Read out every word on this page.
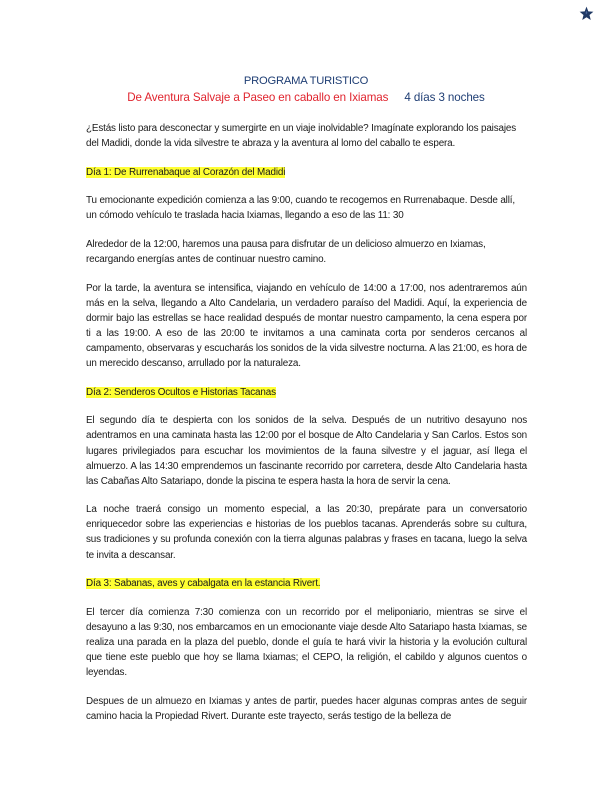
PROGRAMA TURISTICO
De Aventura Salvaje a Paseo en caballo en Ixiamas 4 días 3 noches

¿Estás listo para desconectar y sumergirte en un viaje inolvidable? Imagínate explorando los paisajes del Madidi, donde la vida silvestre te abraza y la aventura al lomo del caballo te espera.

Día 1: De Rurrenabaque al Corazón del Madidi

Tu emocionante expedición comienza a las 9:00, cuando te recogemos en Rurrenabaque. Desde allí, un cómodo vehículo te traslada hacia Ixiamas, llegando a eso de las 11: 30

Alrededor de la 12:00, haremos una pausa para disfrutar de un delicioso almuerzo en Ixiamas, recargando energías antes de continuar nuestro camino.

Por la tarde, la aventura se intensifica, viajando en vehículo de 14:00 a 17:00, nos adentraremos aún más en la selva, llegando a Alto Candelaria, un verdadero paraíso del Madidi. Aquí, la experiencia de dormir bajo las estrellas se hace realidad después de montar nuestro campamento, la cena espera por ti a las 19:00. A eso de las 20:00 te invitamos a una caminata corta por senderos cercanos al campamento, observaras y escucharás los sonidos de la vida silvestre nocturna. A las 21:00, es hora de un merecido descanso, arrullado por la naturaleza.

Día 2: Senderos Ocultos e Historias Tacanas

El segundo día te despierta con los sonidos de la selva. Después de un nutritivo desayuno nos adentramos en una caminata hasta las 12:00 por el bosque de Alto Candelaria y San Carlos. Estos son lugares privilegiados para escuchar los movimientos de la fauna silvestre y el jaguar, así llega el almuerzo. A las 14:30 emprendemos un fascinante recorrido por carretera, desde Alto Candelaria hasta las Cabañas Alto Satariapo, donde la piscina te espera hasta la hora de servir la cena.

La noche traerá consigo un momento especial, a las 20:30, prepárate para un conversatorio enriquecedor sobre las experiencias e historias de los pueblos tacanas. Aprenderás sobre su cultura, sus tradiciones y su profunda conexión con la tierra algunas palabras y frases en tacana, luego la selva te invita a descansar.

Día 3: Sabanas, aves y cabalgata en la estancia Rivert.

El tercer día comienza 7:30 comienza con un recorrido por el meliponiario, mientras se sirve el desayuno a las 9:30, nos embarcamos en un emocionante viaje desde Alto Satariapo hasta Ixiamas, se realiza una parada en la plaza del pueblo, donde el guía te hará vivir la historia y la evolución cultural que tiene este pueblo que hoy se llama Ixiamas; el CEPO, la religión, el cabildo y algunos cuentos o leyendas.

Despues de un almuezo en Ixiamas y antes de partir, puedes hacer algunas compras antes de seguir camino hacia la Propiedad Rivert. Durante este trayecto, serás testigo de la belleza de
